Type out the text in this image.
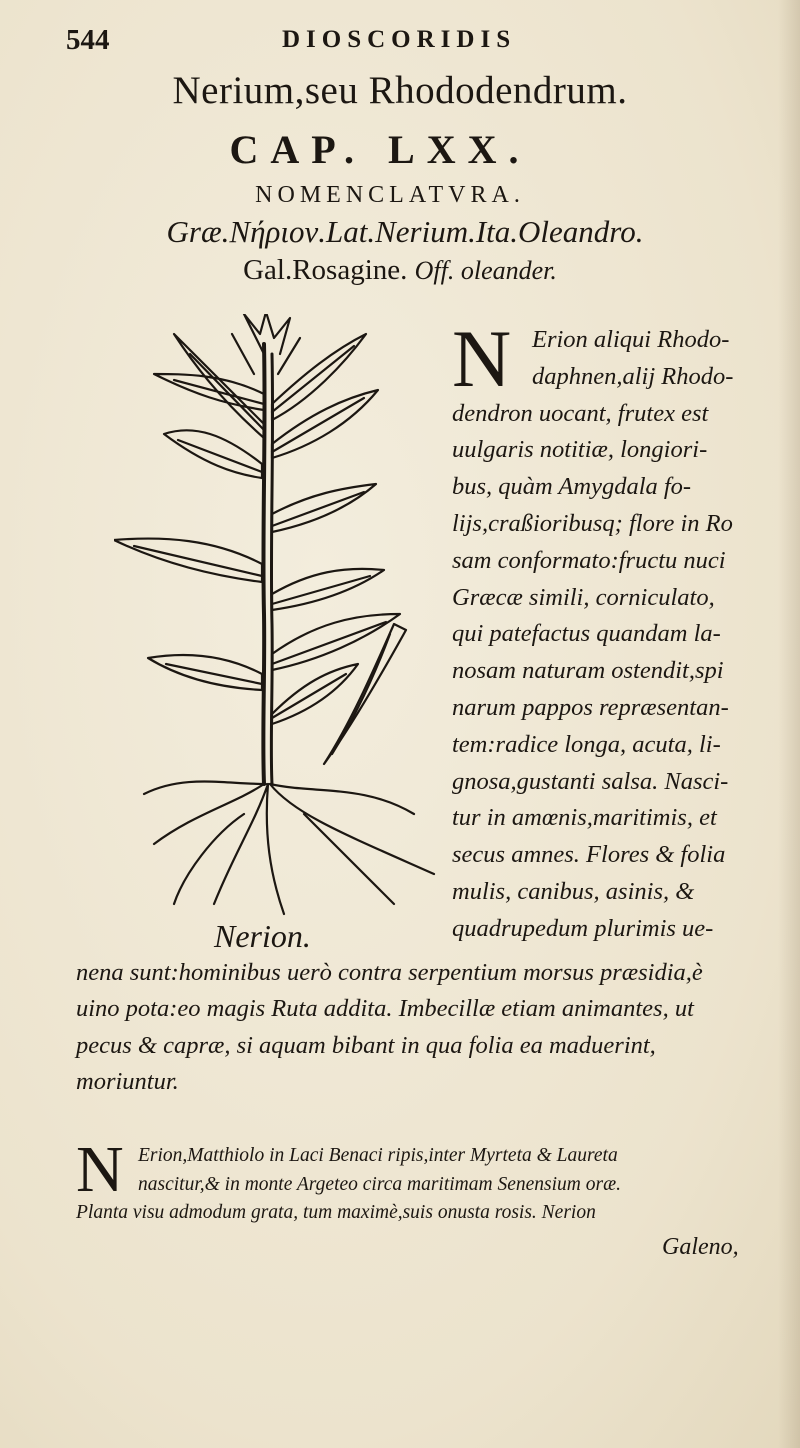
544	DIOSCORIDIS
Nerium,seu Rhododendrum.
CAP. LXX.
NOMENCLATVRA.
Græ.Νήριον.Lat.Nerium.Ita.Oleandro.
Gal.Rosagine. Off. oleander.
Nerion.
N Erion aliqui Rhodo-
daphnen,alij Rhodo-
dendron uocant, frutex est
uulgaris notitiæ, longiori-
bus, quàm Amygdala fo-
lijs,craßioribusq; flore in Ro
sam conformato:fructu nuci
Græcæ simili, corniculato,
qui patefactus quandam la-
nosam naturam ostendit,spi
narum pappos repræsentan-
tem:radice longa, acuta, li-
gnosa,gustanti salsa. Nasci-
tur in amœnis,maritimis, et
secus amnes. Flores & folia
mulis, canibus, asinis, &
quadrupedum plurimis ue-
nena sunt:hominibus uerò contra serpentium morsus præsidia,è
uino pota:eo magis Ruta addita. Imbecillæ etiam animantes, ut
pecus & capræ, si aquam bibant in qua folia ea maduerint,
moriuntur.
N Erion,Matthiolo in Laci Benaci ripis,inter Myrteta & Laureta
nascitur,& in monte Argeteo circa maritimam Senensium oræ.
Planta visu admodum grata, tum maximè,suis onusta rosis. Nerion
Galeno,
